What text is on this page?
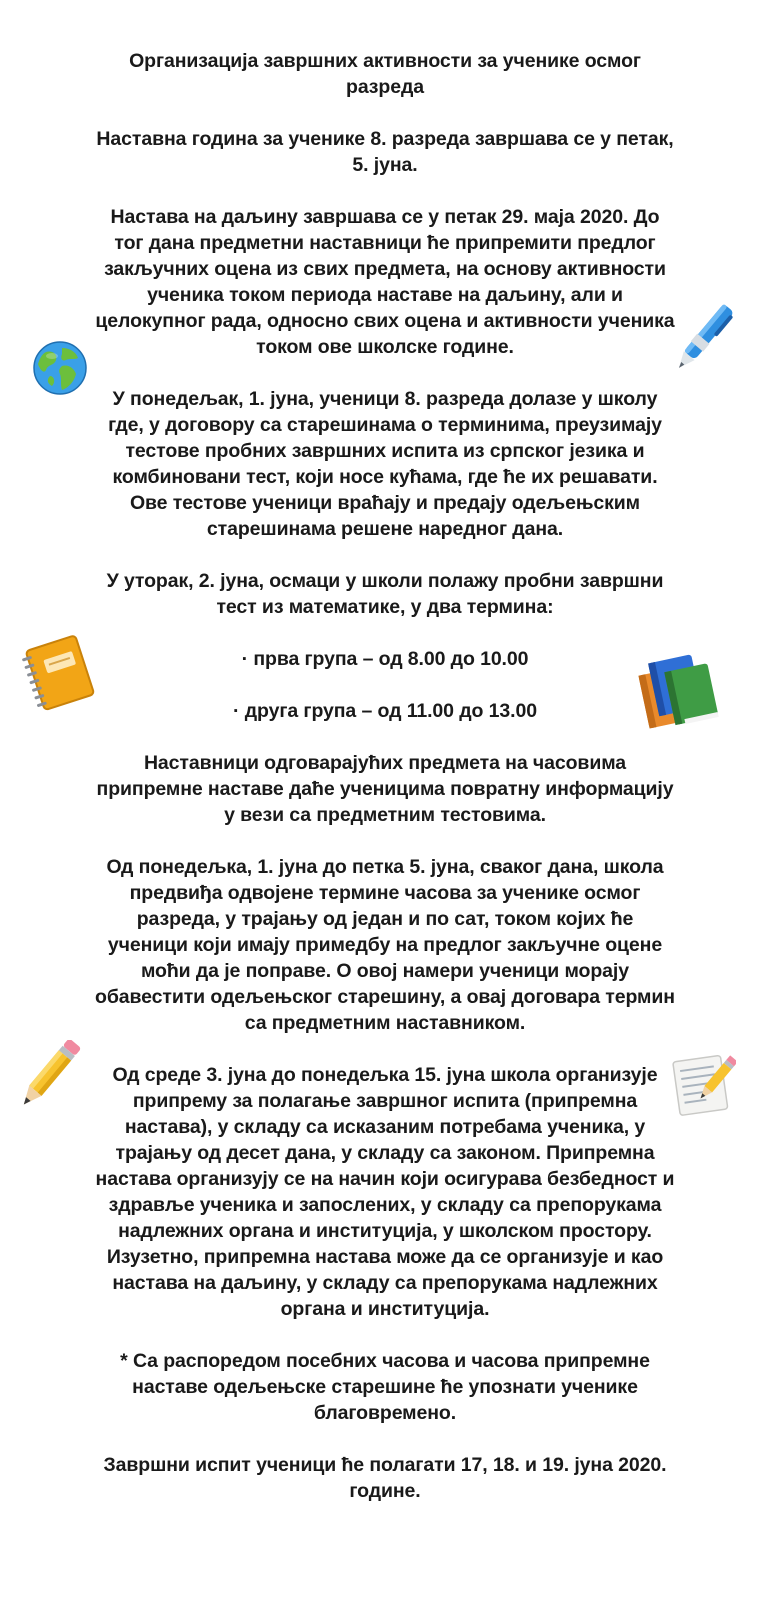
Организација завршних активности за ученике осмог разреда

Наставна година за ученике 8. разреда завршава се у петак, 5. јуна.

Настава на даљину завршава се у петак 29. маја 2020. До тог дана предметни наставници ће припремити предлог закључних оцена из свих предмета, на основу активности ученика током периода наставе на даљину, али и целокупног рада, односно свих оцена и активности ученика током ове школске године.

У понедељак, 1. јуна, ученици 8. разреда долазе у школу где, у договору са старешинама о терминима, преузимају тестове пробних завршних испита из српског језика и комбиновани тест, који носе кућама, где ће их решавати. Ове тестове ученици враћају и предају одељењским старешинама решене наредног дана.

У уторак, 2. јуна, осмаци у школи полажу пробни завршни тест из математике, у два термина:

· прва група – од 8.00 до 10.00

· друга група – од 11.00 до 13.00

Наставници одговарајућих предмета на часовима припремне наставе даће ученицима повратну информацију у вези са предметним тестовима.

Од понедељка, 1. јуна до петка 5. јуна, сваког дана, школа предвиђа одвојене термине часова за ученике осмог разреда, у трајању од један и по сат, током којих ће ученици који имају примедбу на предлог закључне оцене моћи да је поправе. О овој намери ученици морају обавестити одељењског старешину, а овај договара термин са предметним наставником.

Од среде 3. јуна до понедељка 15. јуна школа организује припрему за полагање завршног испита (припремна настава), у складу са исказаним потребама ученика, у трајању од десет дана, у складу са законом. Припремна настава организују се на начин који осигурава безбедност и здравље ученика и запослених, у складу са препорукама надлежних органа и институција, у школском простору. Изузетно, припремна настава може да се организује и као настава на даљину, у складу са препорукама надлежних органа и институција.

* Са распоредом посебних часова и часова припремне наставе одељењске старешине ће упознати ученике благовремено.

Завршни испит ученици ће полагати 17, 18. и 19. јуна 2020. године.
